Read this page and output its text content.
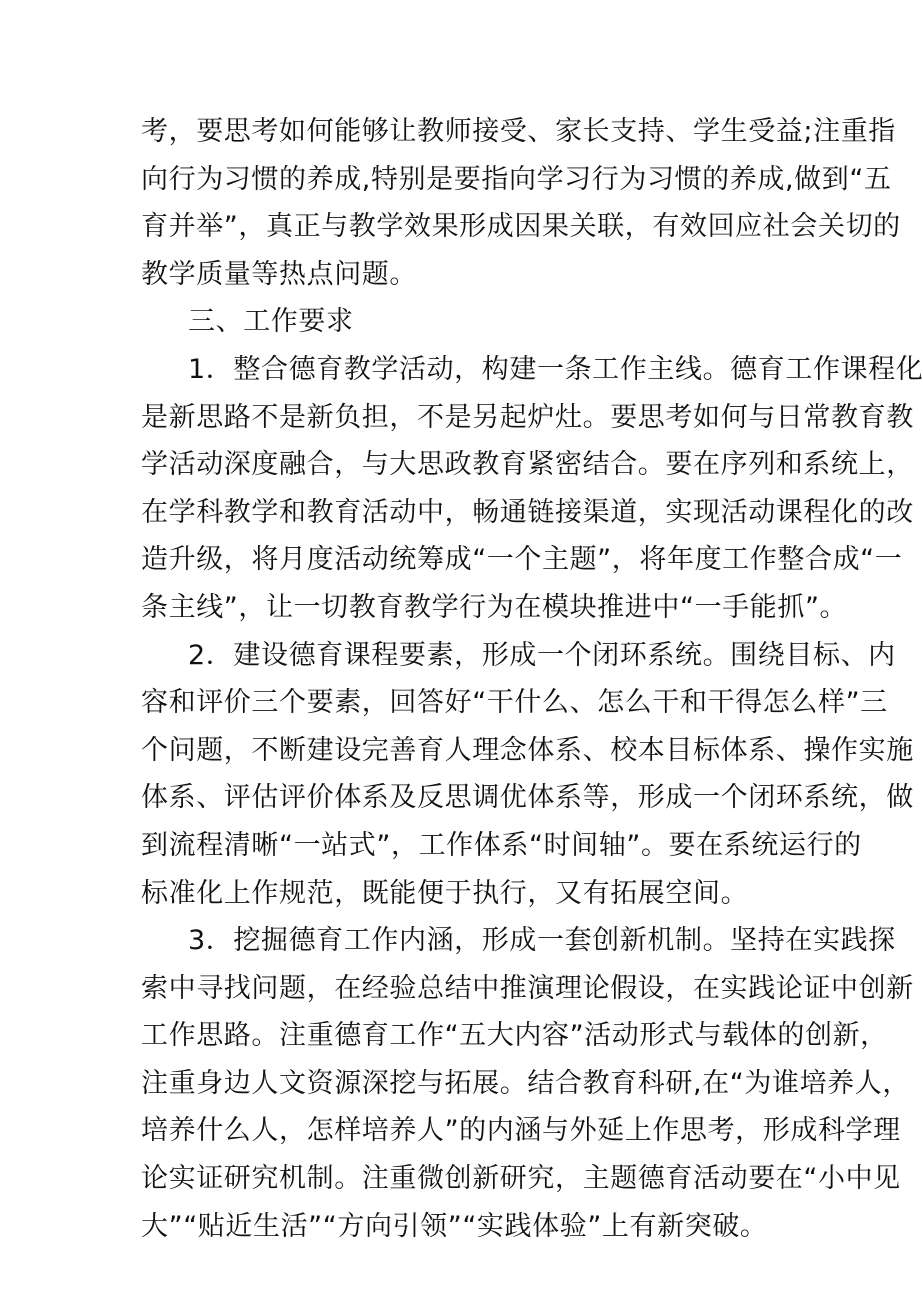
考，要思考如何能够让教师接受、家长支持、学生受益;注重指
向行为习惯的养成,特别是要指向学习行为习惯的养成,做到“五
育并举”，真正与教学效果形成因果关联，有效回应社会关切的
教学质量等热点问题。

三、工作要求

1．整合德育教学活动，构建一条工作主线。德育工作课程化
是新思路不是新负担，不是另起炉灶。要思考如何与日常教育教
学活动深度融合，与大思政教育紧密结合。要在序列和系统上，
在学科教学和教育活动中，畅通链接渠道，实现活动课程化的改
造升级，将月度活动统筹成“一个主题”，将年度工作整合成“一
条主线”，让一切教育教学行为在模块推进中“一手能抓”。

2．建设德育课程要素，形成一个闭环系统。围绕目标、内
容和评价三个要素，回答好“干什么、怎么干和干得怎么样”三
个问题，不断建设完善育人理念体系、校本目标体系、操作实施
体系、评估评价体系及反思调优体系等，形成一个闭环系统，做
到流程清晰“一站式”，工作体系“时间轴”。要在系统运行的
标准化上作规范，既能便于执行，又有拓展空间。

3．挖掘德育工作内涵，形成一套创新机制。坚持在实践探
索中寻找问题，在经验总结中推演理论假设，在实践论证中创新
工作思路。注重德育工作“五大内容”活动形式与载体的创新，
注重身边人文资源深挖与拓展。结合教育科研,在“为谁培养人，
培养什么人，怎样培养人”的内涵与外延上作思考，形成科学理
论实证研究机制。注重微创新研究，主题德育活动要在“小中见
大”“贴近生活”“方向引领”“实践体验”上有新突破。
